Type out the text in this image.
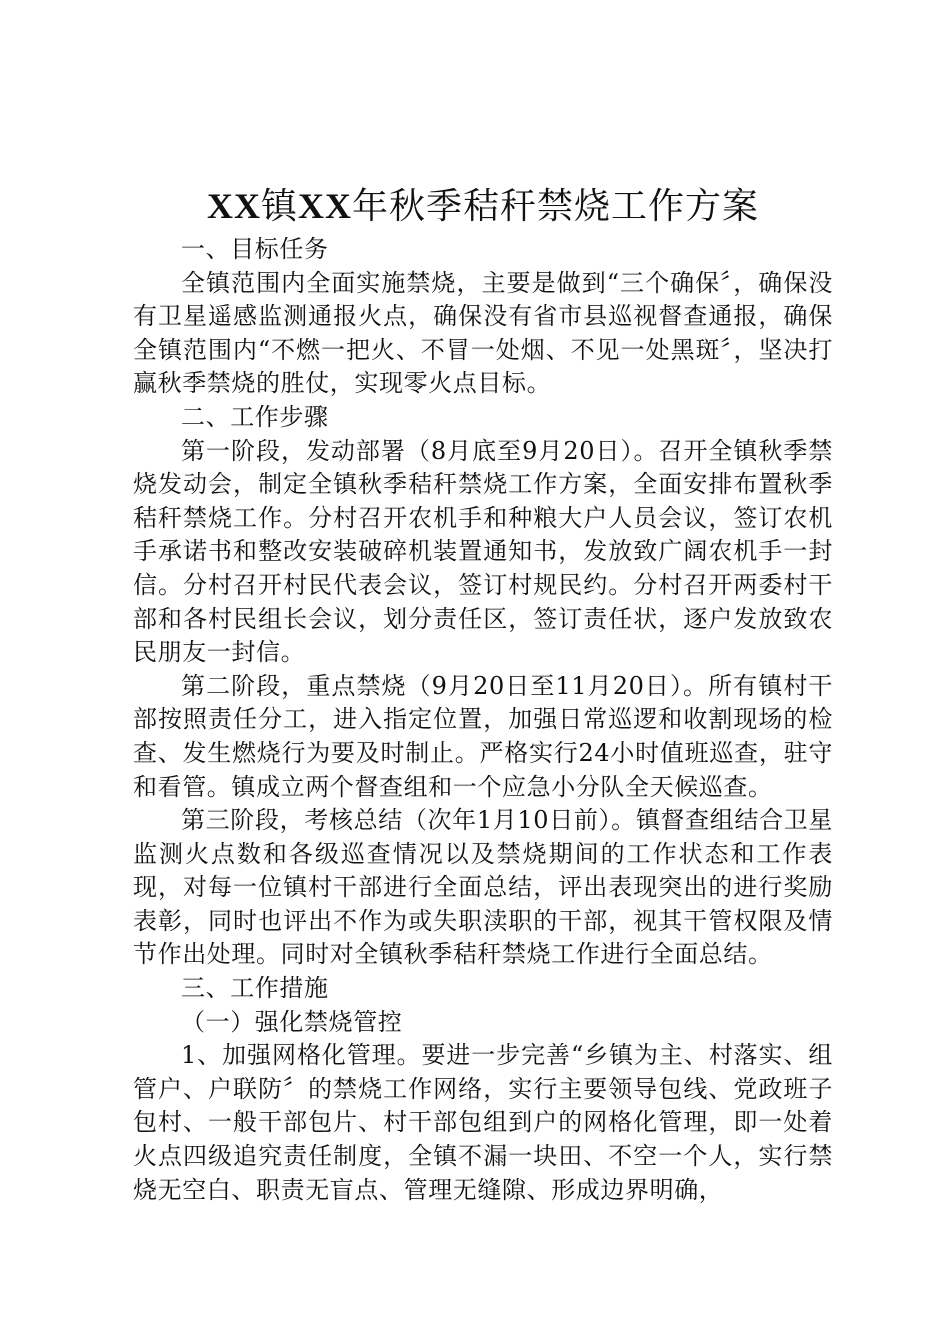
XX镇XX年秋季秸秆禁烧工作方案

一、目标任务

全镇范围内全面实施禁烧，主要是做到“三个确保〞，确保没有卫星遥感监测通报火点，确保没有省市县巡视督查通报，确保全镇范围内“不燃一把火、不冒一处烟、不见一处黑斑〞，坚决打赢秋季禁烧的胜仗，实现零火点目标。

二、工作步骤

第一阶段，发动部署（8月底至9月20日）。召开全镇秋季禁烧发动会，制定全镇秋季秸秆禁烧工作方案，全面安排布置秋季秸秆禁烧工作。分村召开农机手和种粮大户人员会议，签订农机手承诺书和整改安装破碎机装置通知书，发放致广阔农机手一封信。分村召开村民代表会议，签订村规民约。分村召开两委村干部和各村民组长会议，划分责任区，签订责任状，逐户发放致农民朋友一封信。

第二阶段，重点禁烧（9月20日至11月20日）。所有镇村干部按照责任分工，进入指定位置，加强日常巡逻和收割现场的检查、发生燃烧行为要及时制止。严格实行24小时值班巡查，驻守和看管。镇成立两个督查组和一个应急小分队全天候巡查。

第三阶段，考核总结（次年1月10日前）。镇督查组结合卫星监测火点数和各级巡查情况以及禁烧期间的工作状态和工作表现，对每一位镇村干部进行全面总结，评出表现突出的进行奖励表彰，同时也评出不作为或失职渎职的干部，视其干管权限及情节作出处理。同时对全镇秋季秸秆禁烧工作进行全面总结。

三、工作措施

（一）强化禁烧管控

1、加强网格化管理。要进一步完善“乡镇为主、村落实、组管户、户联防〞的禁烧工作网络，实行主要领导包线、党政班子包村、一般干部包片、村干部包组到户的网格化管理，即一处着火点四级追究责任制度，全镇不漏一块田、不空一个人，实行禁烧无空白、职责无盲点、管理无缝隙、形成边界明确，
